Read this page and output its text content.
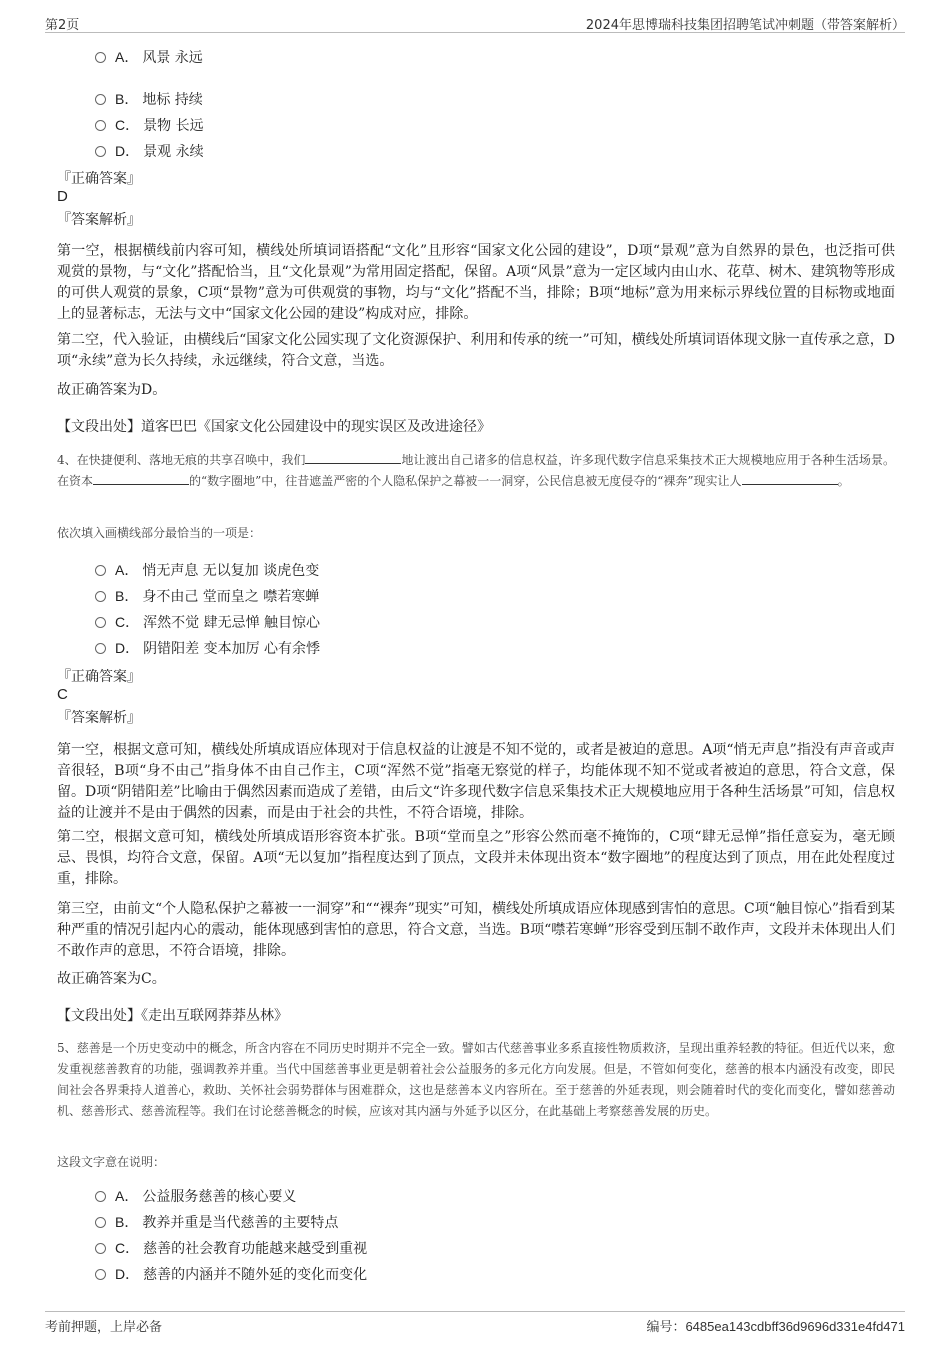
第2页	2024年思博瑞科技集团招聘笔试冲刺题（带答案解析）
A． 风景 永远
B． 地标 持续
C． 景物 长远
D． 景观 永续
『正确答案』
D
『答案解析』
第一空，根据横线前内容可知，横线处所填词语搭配“文化”且形容“国家文化公园的建设”，D项“景观”意为自然界的景色，也泛指可供观赏的景物，与“文化”搭配恰当，且“文化景观”为常用固定搭配，保留。A项“风景”意为一定区域内由山水、花草、树木、建筑物等形成的可供人观赏的景象，C项“景物”意为可供观赏的事物，均与“文化”搭配不当，排除；B项“地标”意为用来标示界线位置的目标物或地面上的显著标志，无法与文中“国家文化公园的建设”构成对应，排除。
第二空，代入验证，由横线后“国家文化公园实现了文化资源保护、利用和传承的统一”可知，横线处所填词语体现文脉一直传承之意，D项“永续”意为长久持续，永远继续，符合文意，当选。
故正确答案为D。
【文段出处】道客巴巴《国家文化公园建设中的现实误区及改进途径》
4、在快捷便利、落地无痕的共享召唤中，我们	地让渡出自己诸多的信息权益，许多现代数字信息采集技术正大规模地应用于各种生活场景。在资本	的“数字圈地”中，往昔遮盖严密的个人隐私保护之幕被一一洞穿，公民信息被无度侵夺的“裸奔”现实让人	。
依次填入画横线部分最恰当的一项是：
A． 悄无声息 无以复加 谈虎色变
B． 身不由己 堂而皇之 噤若寒蝉
C． 浑然不觉 肆无忌惮 触目惊心
D． 阴错阳差 变本加厉 心有余悸
『正确答案』
C
『答案解析』
第一空，根据文意可知，横线处所填成语应体现对于信息权益的让渡是不知不觉的，或者是被迫的意思。A项“悄无声息”指没有声音或声音很轻，B项“身不由己”指身体不由自己作主，C项“浑然不觉”指毫无察觉的样子，均能体现不知不觉或者被迫的意思，符合文意，保留。D项“阴错阳差”比喻由于偶然因素而造成了差错，由后文“许多现代数字信息采集技术正大规模地应用于各种生活场景”可知，信息权益的让渡并不是由于偶然的因素，而是由于社会的共性，不符合语境，排除。
第二空，根据文意可知，横线处所填成语形容资本扩张。B项“堂而皇之”形容公然而毫不掩饰的，C项“肆无忌惮”指任意妄为，毫无顾忌、畏惧，均符合文意，保留。A项“无以复加”指程度达到了顶点，文段并未体现出资本“数字圈地”的程度达到了顶点，用在此处程度过重，排除。
第三空，由前文“个人隐私保护之幕被一一洞穿”和““裸奔”现实”可知，横线处所填成语应体现感到害怕的意思。C项“触目惊心”指看到某种严重的情况引起内心的震动，能体现感到害怕的意思，符合文意，当选。B项“噤若寒蝉”形容受到压制不敢作声，文段并未体现出人们不敢作声的意思，不符合语境，排除。
故正确答案为C。
【文段出处】《走出互联网莽莽丛林》
5、慈善是一个历史变动中的概念，所含内容在不同历史时期并不完全一致。譬如古代慈善事业多系直接性物质救济，呈现出重养轻教的特征。但近代以来，愈发重视慈善教育的功能，强调教养并重。当代中国慈善事业更是朝着社会公益服务的多元化方向发展。但是，不管如何变化，慈善的根本内涵没有改变，即民间社会各界秉持人道善心，救助、关怀社会弱势群体与困难群众，这也是慈善本义内容所在。至于慈善的外延表现，则会随着时代的变化而变化，譬如慈善动机、慈善形式、慈善流程等。我们在讨论慈善概念的时候，应该对其内涵与外延予以区分，在此基础上考察慈善发展的历史。
这段文字意在说明：
A． 公益服务慈善的核心要义
B． 教养并重是当代慈善的主要特点
C． 慈善的社会教育功能越来越受到重视
D． 慈善的内涵并不随外延的变化而变化
考前押题，上岸必备	编号：6485ea143cdbff36d9696d331e4fd471
